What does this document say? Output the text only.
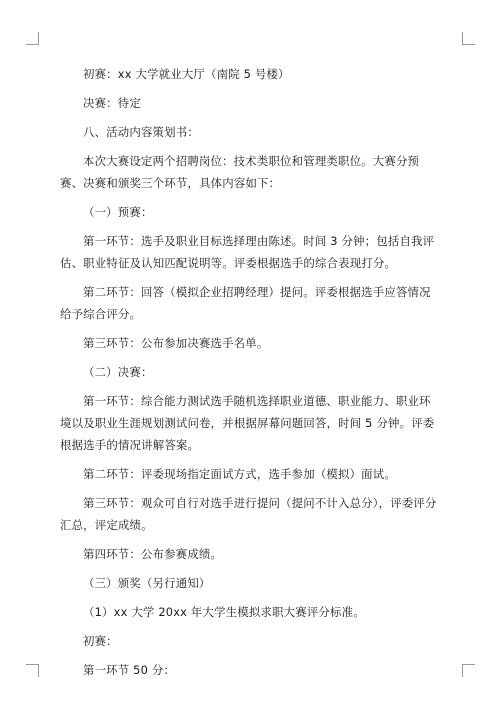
初赛：xx 大学就业大厅（南院 5 号楼）

决赛：待定

八、活动内容策划书：

本次大赛设定两个招聘岗位：技术类职位和管理类职位。大赛分预赛、决赛和颁奖三个环节，具体内容如下：

（一）预赛：

第一环节：选手及职业目标选择理由陈述。时间 3 分钟；包括自我评估、职业特征及认知匹配说明等。评委根据选手的综合表现打分。

第二环节：回答（模拟企业招聘经理）提问。评委根据选手应答情况给予综合评分。

第三环节：公布参加决赛选手名单。

（二）决赛：

第一环节：综合能力测试选手随机选择职业道德、职业能力、职业环境以及职业生涯规划测试问卷，并根据屏幕问题回答，时间 5 分钟。评委根据选手的情况讲解答案。

第二环节：评委现场指定面试方式，选手参加（模拟）面试。

第三环节：观众可自行对选手进行提问（提问不计入总分），评委评分汇总，评定成绩。

第四环节：公布参赛成绩。

（三）颁奖（另行通知）

（1）xx 大学 20xx 年大学生模拟求职大赛评分标准。

初赛：

第一环节 50 分：
